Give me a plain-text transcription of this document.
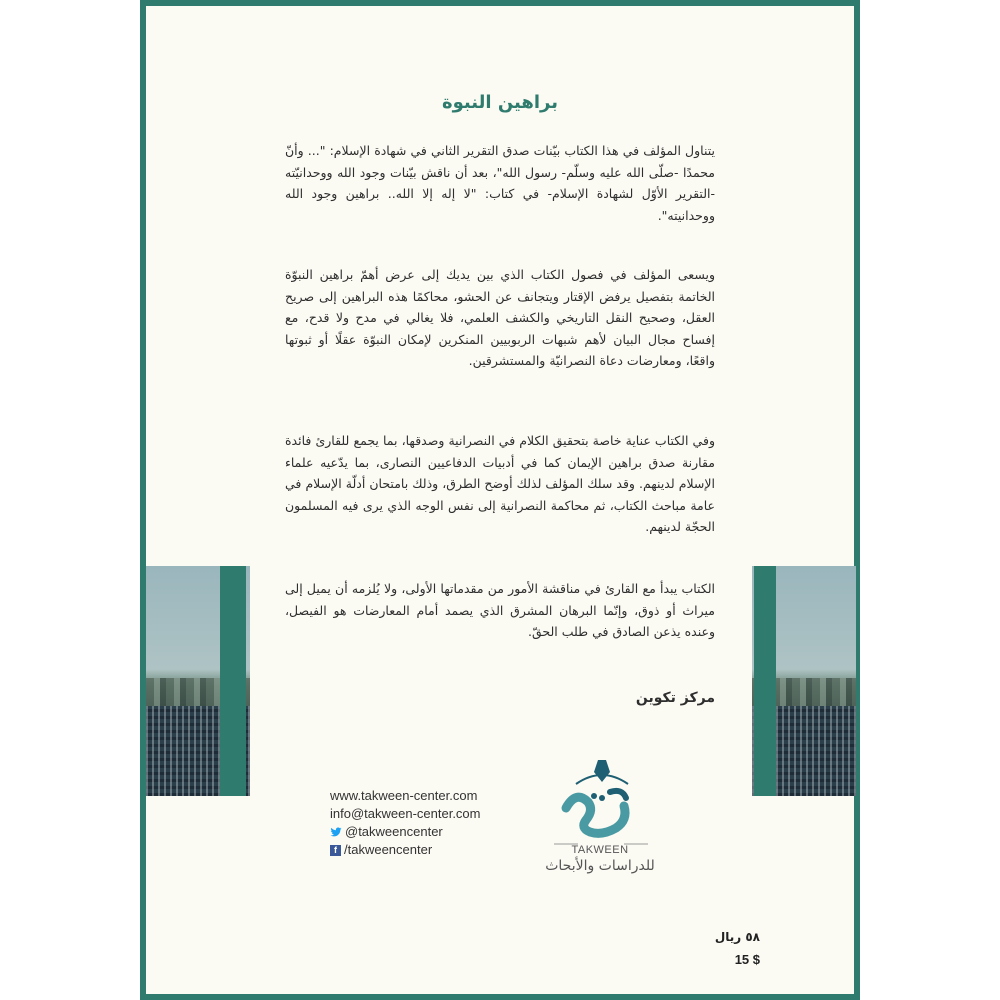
براهين النبوة

يتناول المؤلف في هذا الكتاب بيّنات صدق التقرير الثاني في شهادة الإسلام: "... وأنّ محمدًا -صلّى الله عليه وسلّم- رسول الله"، بعد أن ناقش بيّنات وجود الله ووحدانيّته -التقرير الأوّل لشهادة الإسلام- في كتاب: "لا إله إلا الله.. براهين وجود الله ووحدانيته".

ويسعى المؤلف في فصول الكتاب الذي بين يديك إلى عرض أهمّ براهين النبوّة الخاتمة بتفصيل يرفض الإقتار ويتجانف عن الحشو، محاكمًا هذه البراهين إلى صريح العقل، وصحيح النقل التاريخي والكشف العلمي، فلا يغالي في مدح ولا قدح، مع إفساح مجال البيان لأهم شبهات الربوبيين المنكرين لإمكان النبوّة عقلًا أو ثبوتها واقعًا، ومعارضات دعاة النصرانيّة والمستشرقين.

وفي الكتاب عناية خاصة بتحقيق الكلام في النصرانية وصدقها، بما يجمع للقارئ فائدة مقارنة صدق براهين الإيمان كما في أدبيات الدفاعيين النصارى، بما يدّعيه علماء الإسلام لدينهم. وقد سلك المؤلف لذلك أوضح الطرق، وذلك بامتحان أدلّة الإسلام في عامة مباحث الكتاب، ثم محاكمة النصرانية إلى نفس الوجه الذي يرى فيه المسلمون الحجّة لدينهم.

الكتاب يبدأ مع القارئ في مناقشة الأمور من مقدماتها الأولى، ولا يُلزمه أن يميل إلى ميراث أو ذوق، وإنّما البرهان المشرق الذي يصمد أمام المعارضات هو الفيصل، وعنده يذعن الصادق في طلب الحقّ.

مركز تكوين
www.takween-center.com
info@takween-center.com
@takweencenter
f /takweencenter	TAKWEEN
للدراسات والأبحاث
٥٨ ريال
15 $
